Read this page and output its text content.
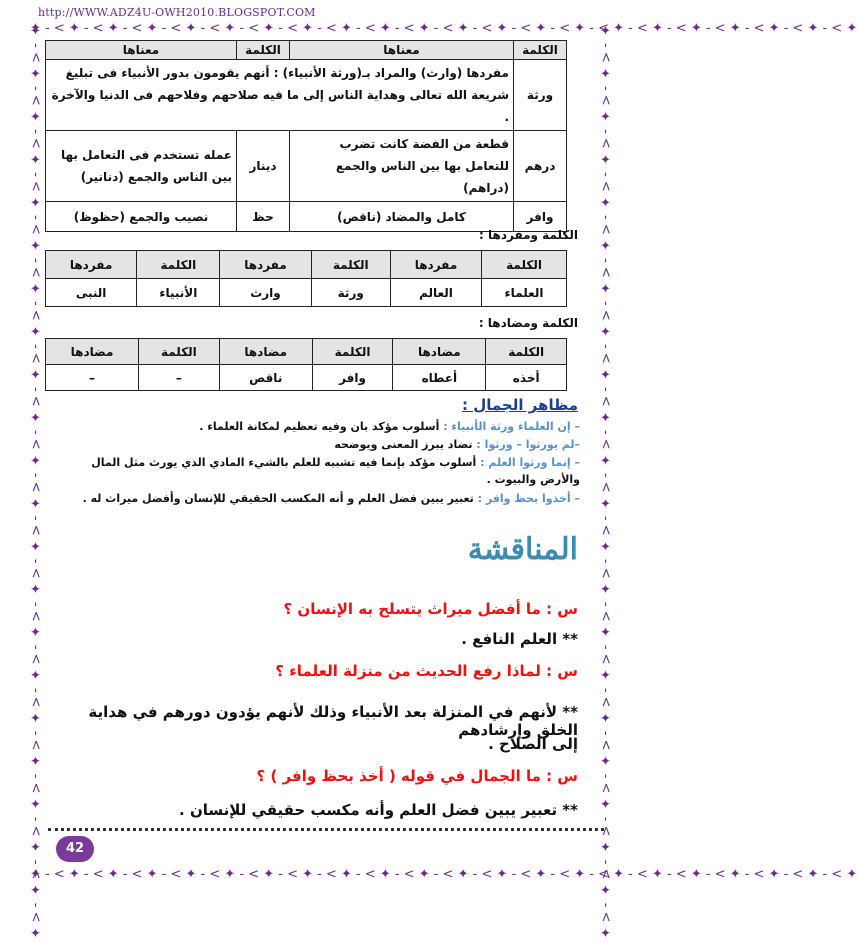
http://WWW.ADZ4U-OWH2010.BLOGSPOT.COM
✦ - < ✦ - < ✦ - < ✦ - < ✦ - < ✦ - < ✦ - < ✦ - < ✦ - < ✦ - < ✦ - < ✦ - < ✦ - < ✦ - < ✦ - < ✦ - < ✦ - < ✦ - < ✦ - < ✦ - < ✦ - < ✦
✦ - < ✦ - < ✦ - < ✦ - < ✦ - < ✦ - < ✦ - < ✦ - < ✦ - < ✦ - < ✦ - < ✦ - < ✦ - < ✦ - < ✦ - < ✦ - < ✦ - < ✦ - < ✦ - < ✦ - < ✦ - < ✦
✦ - < ✦ - < ✦ - < ✦ - < ✦ - < ✦ - < ✦ - < ✦ - < ✦ - < ✦ - < ✦ - < ✦ - < ✦ - < ✦ - < ✦ - < ✦ - < ✦ - < ✦ - < ✦ - < ✦ - < ✦ - < ✦	✦ - < ✦ - < ✦ - < ✦ - < ✦ - < ✦ - < ✦ - < ✦ - < ✦ - < ✦ - < ✦ - < ✦ - < ✦ - < ✦ - < ✦ - < ✦ - < ✦ - < ✦ - < ✦ - < ✦ - < ✦ - < ✦
الكلمة	معناها	الكلمة	معناها
ورثة	مفردها (وارث) والمراد بـ(ورثة الأنبياء) : أنهم يقومون بدور الأنبياء فى تبليغ شريعة الله تعالى وهداية الناس إلى ما فيه صلاحهم وفلاحهم فى الدنيا والآخرة .		
درهم	قطعة من الفضة كانت تضرب للتعامل بها بين الناس والجمع (دراهم)	دينار	عمله تستخدم فى التعامل بها بين الناس والجمع (دنانير)
وافر	كامل والمضاد (ناقص)	حظ	نصيب والجمع (حظوظ)
الكلمة ومفردها :
الكلمة	مفردها	الكلمة	مفردها	الكلمة	مفردها
العلماء	العالم	ورثة	وارث	الأنبياء	النبى
الكلمة ومضادها :
الكلمة	مضادها	الكلمة	مضادها	الكلمة	مضادها
أخذه	أعطاه	وافر	ناقص	–	–
مظاهر الجمال :
– إن العلماء ورثة الأنبياء : أسلوب مؤكد بان وفيه تعظيم لمكانة العلماء .
–لم يورثوا – ورثوا : تضاد يبرز المعنى ويوضحه
– إنما ورثوا العلم : أسلوب مؤكد بإنما فيه تشبيه للعلم بالشيء المادي الذي يورث مثل المال والأرض والبيوت .
– أخذوا بحظ وافر : تعبير يبين فضل العلم و أنه المكسب الحقيقي للإنسان وأفضل ميراث له .
المناقشة
س : ما أفضل ميراث يتسلح به الإنسان ؟
** العلم النافع .
س : لماذا رفع الحديث من منزلة العلماء ؟
** لأنهم في المنزلة بعد الأنبياء وذلك لأنهم يؤدون دورهم في هداية الخلق وإرشادهم
إلى الصلاح .
س : ما الجمال في قوله ( أخذ بحظ وافر ) ؟
** تعبير يبين فضل العلم وأنه مكسب حقيقي للإنسان .
42
